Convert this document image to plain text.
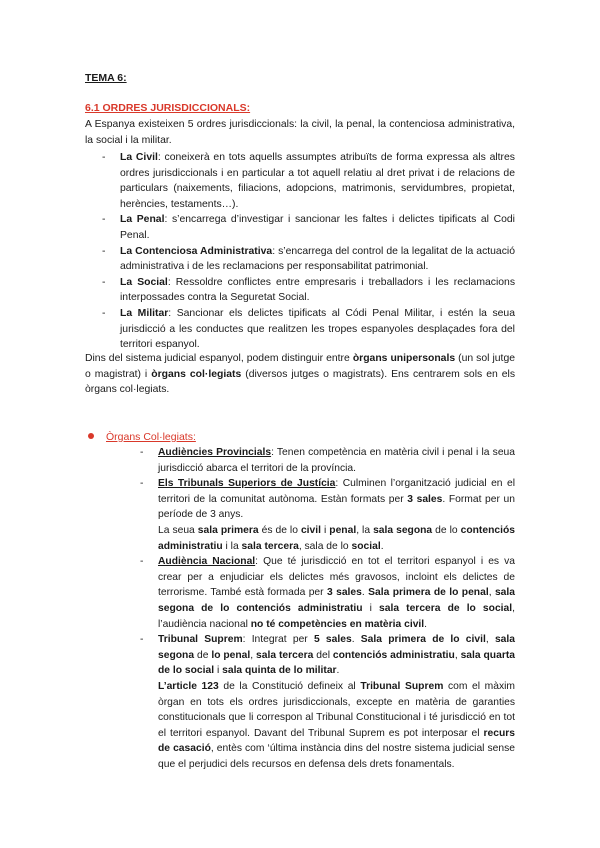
TEMA 6:
6.1 ORDRES JURISDICCIONALS:
A Espanya existeixen 5 ordres jurisdiccionals: la civil, la penal, la contenciosa administrativa, la social i la militar.
- La Civil: coneixerà en tots aquells assumptes atribuïts de forma expressa als altres ordres jurisdiccionals i en particular a tot aquell relatiu al dret privat i de relacions de particulars (naixements, filiacions, adopcions, matrimonis, servidumbres, propietat, herències, testaments…).
- La Penal: s’encarrega d’investigar i sancionar les faltes i delictes tipificats al Codi Penal.
- La Contenciosa Administrativa: s’encarrega del control de la legalitat de la actuació administrativa i de les reclamacions per responsabilitat patrimonial.
- La Social: Ressoldre conflictes entre empresaris i treballadors i les reclamacions interpossades contra la Seguretat Social.
- La Militar: Sancionar els delictes tipificats al Códi Penal Militar, i estén la seua jurisdicció a les conductes que realitzen les tropes espanyoles desplaçades fora del territori espanyol.
Dins del sistema judicial espanyol, podem distinguir entre òrgans unipersonals (un sol jutge o magistrat) i òrgans col·legiats (diversos jutges o magistrats). Ens centrarem sols en els òrgans col·legiats.
Òrgans Col·legiats:
- Audiències Provincials: Tenen competència en matèria civil i penal i la seua jurisdicció abarca el territori de la província.

- Els Tribunals Superiors de Justícia: Culminen l’organització judicial en el territori de la comunitat autònoma. Estàn formats per 3 sales. Format per un període de 3 anys.

La seua sala primera és de lo civil i penal, la sala segona de lo contenciós administratiu i la sala tercera, sala de lo social.

- Audiència Nacional: Que té jurisdicció en tot el territori espanyol i es va crear per a enjudiciar els delictes més gravosos, incloint els delictes de terrorisme. També està formada per 3 sales. Sala primera de lo penal, sala segona de lo contenciós administratiu i sala tercera de lo social, l’audiència nacional no té competències en matèria civil.

- Tribunal Suprem: Integrat per 5 sales. Sala primera de lo civil, sala segona de lo penal, sala tercera del contenciós administratiu, sala quarta de lo social i sala quinta de lo militar.

L’article 123 de la Constitució defineix al Tribunal Suprem com el màxim òrgan en tots els ordres jurisdiccionals, excepte en matèria de garanties constitucionals que li correspon al Tribunal Constitucional i té jurisdicció en tot el territori espanyol. Davant del Tribunal Suprem es pot interposar el recurs de casació, entès com ‘última instància dins del nostre sistema judicial sense que el perjudici dels recursos en defensa dels drets fonamentals.
